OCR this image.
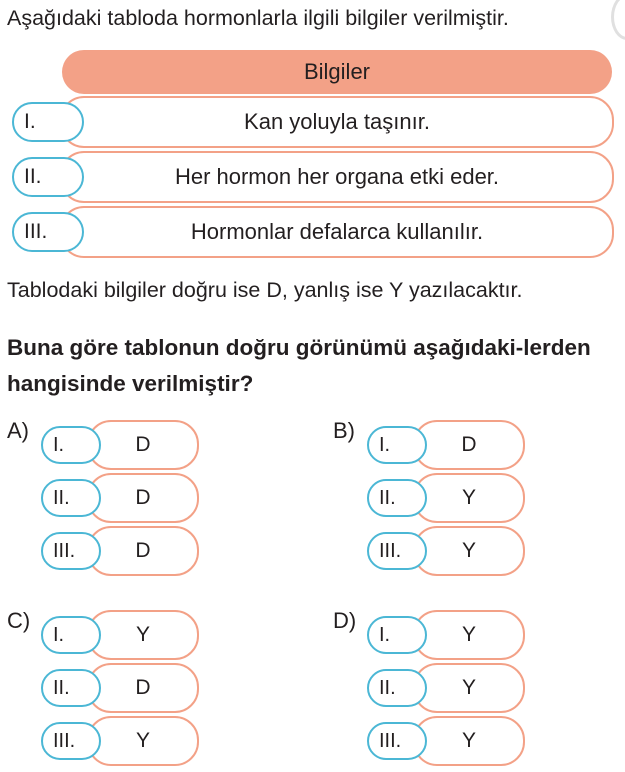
Aşağıdaki tabloda hormonlarla ilgili bilgiler verilmiştir.
Bilgiler
Kan yoluyla taşınır.
I.
Her hormon her organa etki eder.
II.
Hormonlar defalarca kullanılır.
III.
Tablodaki bilgiler doğru ise D, yanlış ise Y yazılacaktır.
Buna göre tablonun doğru görünümü aşağıdaki-lerden hangisinde verilmiştir?
A)
D
I.
D
II.
D
III.
B)
D
I.
Y
II.
Y
III.
C)
Y
I.
D
II.
Y
III.
D)
Y
I.
Y
II.
Y
III.
